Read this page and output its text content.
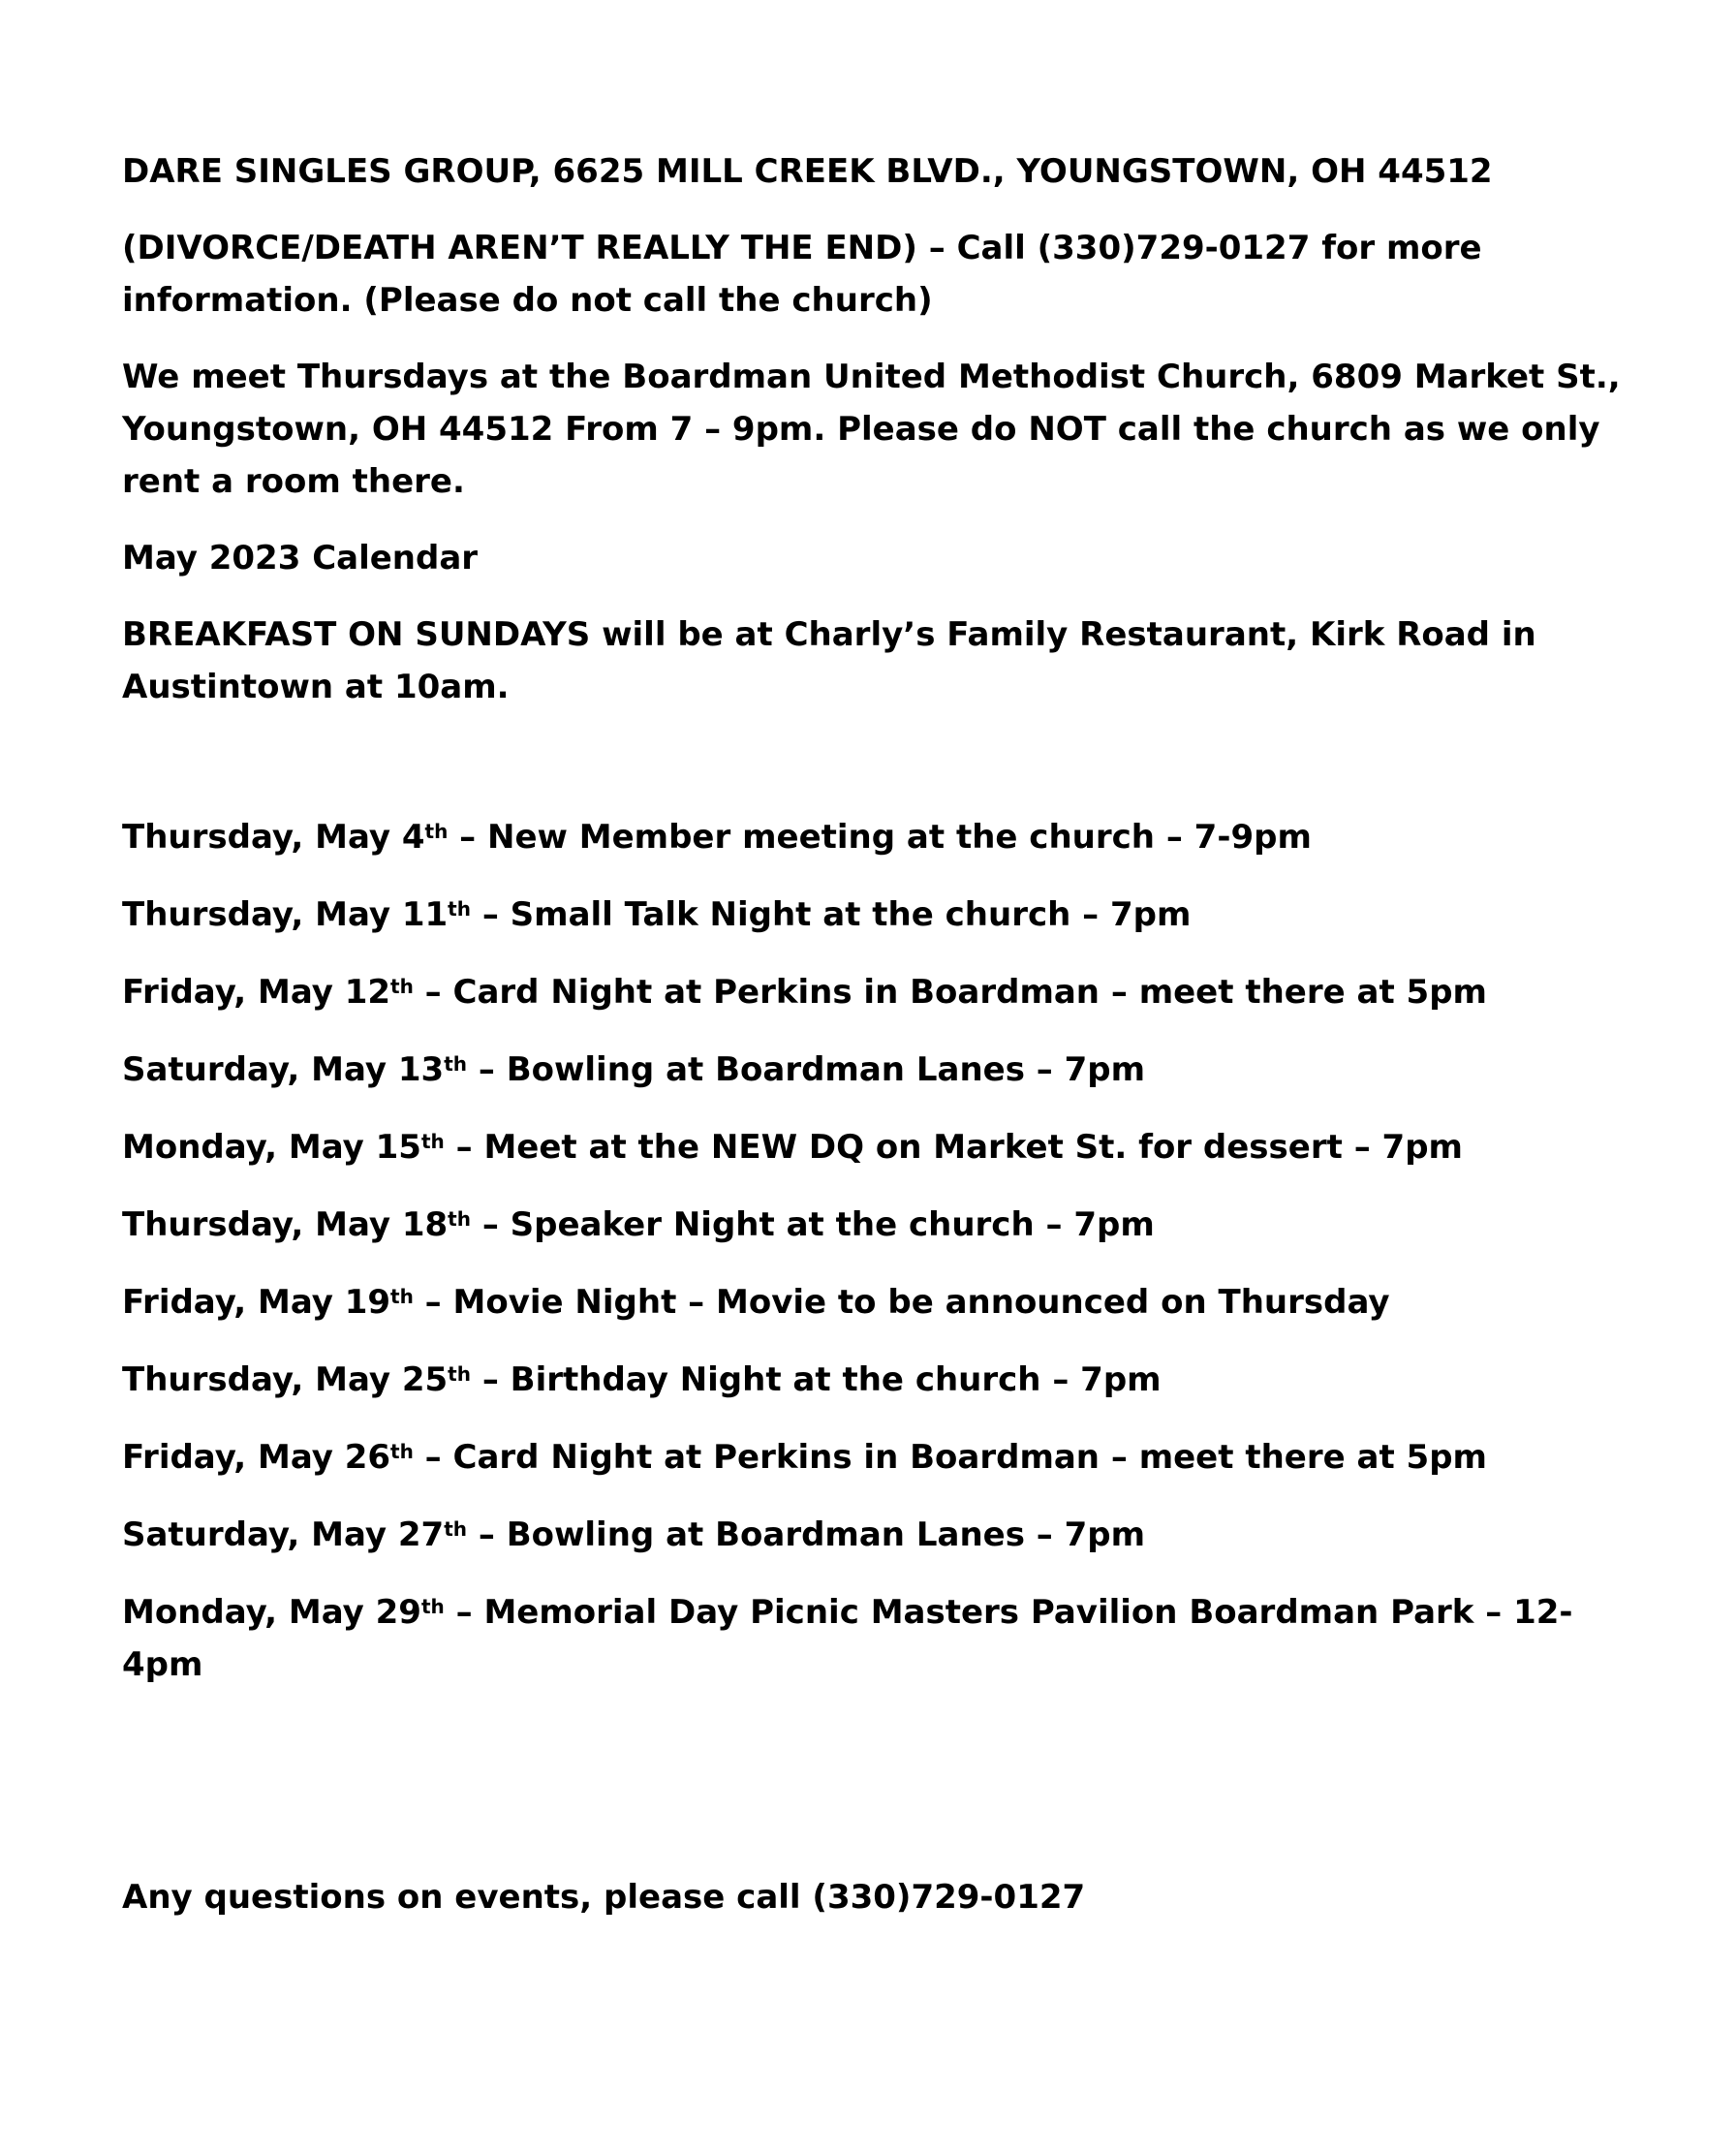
DARE SINGLES GROUP, 6625 MILL CREEK BLVD., YOUNGSTOWN, OH 44512

(DIVORCE/DEATH AREN’T REALLY THE END) – Call (330)729-0127 for more information. (Please do not call the church)

We meet Thursdays at the Boardman United Methodist Church, 6809 Market St., Youngstown, OH 44512 From 7 – 9pm. Please do NOT call the church as we only rent a room there.

May 2023 Calendar

BREAKFAST ON SUNDAYS will be at Charly’s Family Restaurant, Kirk Road in Austintown at 10am.

Thursday, May 4th – New Member meeting at the church – 7-9pm

Thursday, May 11th – Small Talk Night at the church – 7pm

Friday, May 12th – Card Night at Perkins in Boardman – meet there at 5pm

Saturday, May 13th – Bowling at Boardman Lanes – 7pm

Monday, May 15th – Meet at the NEW DQ on Market St. for dessert – 7pm

Thursday, May 18th – Speaker Night at the church – 7pm

Friday, May 19th – Movie Night – Movie to be announced on Thursday

Thursday, May 25th – Birthday Night at the church – 7pm

Friday, May 26th – Card Night at Perkins in Boardman – meet there at 5pm

Saturday, May 27th – Bowling at Boardman Lanes – 7pm

Monday, May 29th – Memorial Day Picnic Masters Pavilion Boardman Park – 12-4pm

Any questions on events, please call (330)729-0127
